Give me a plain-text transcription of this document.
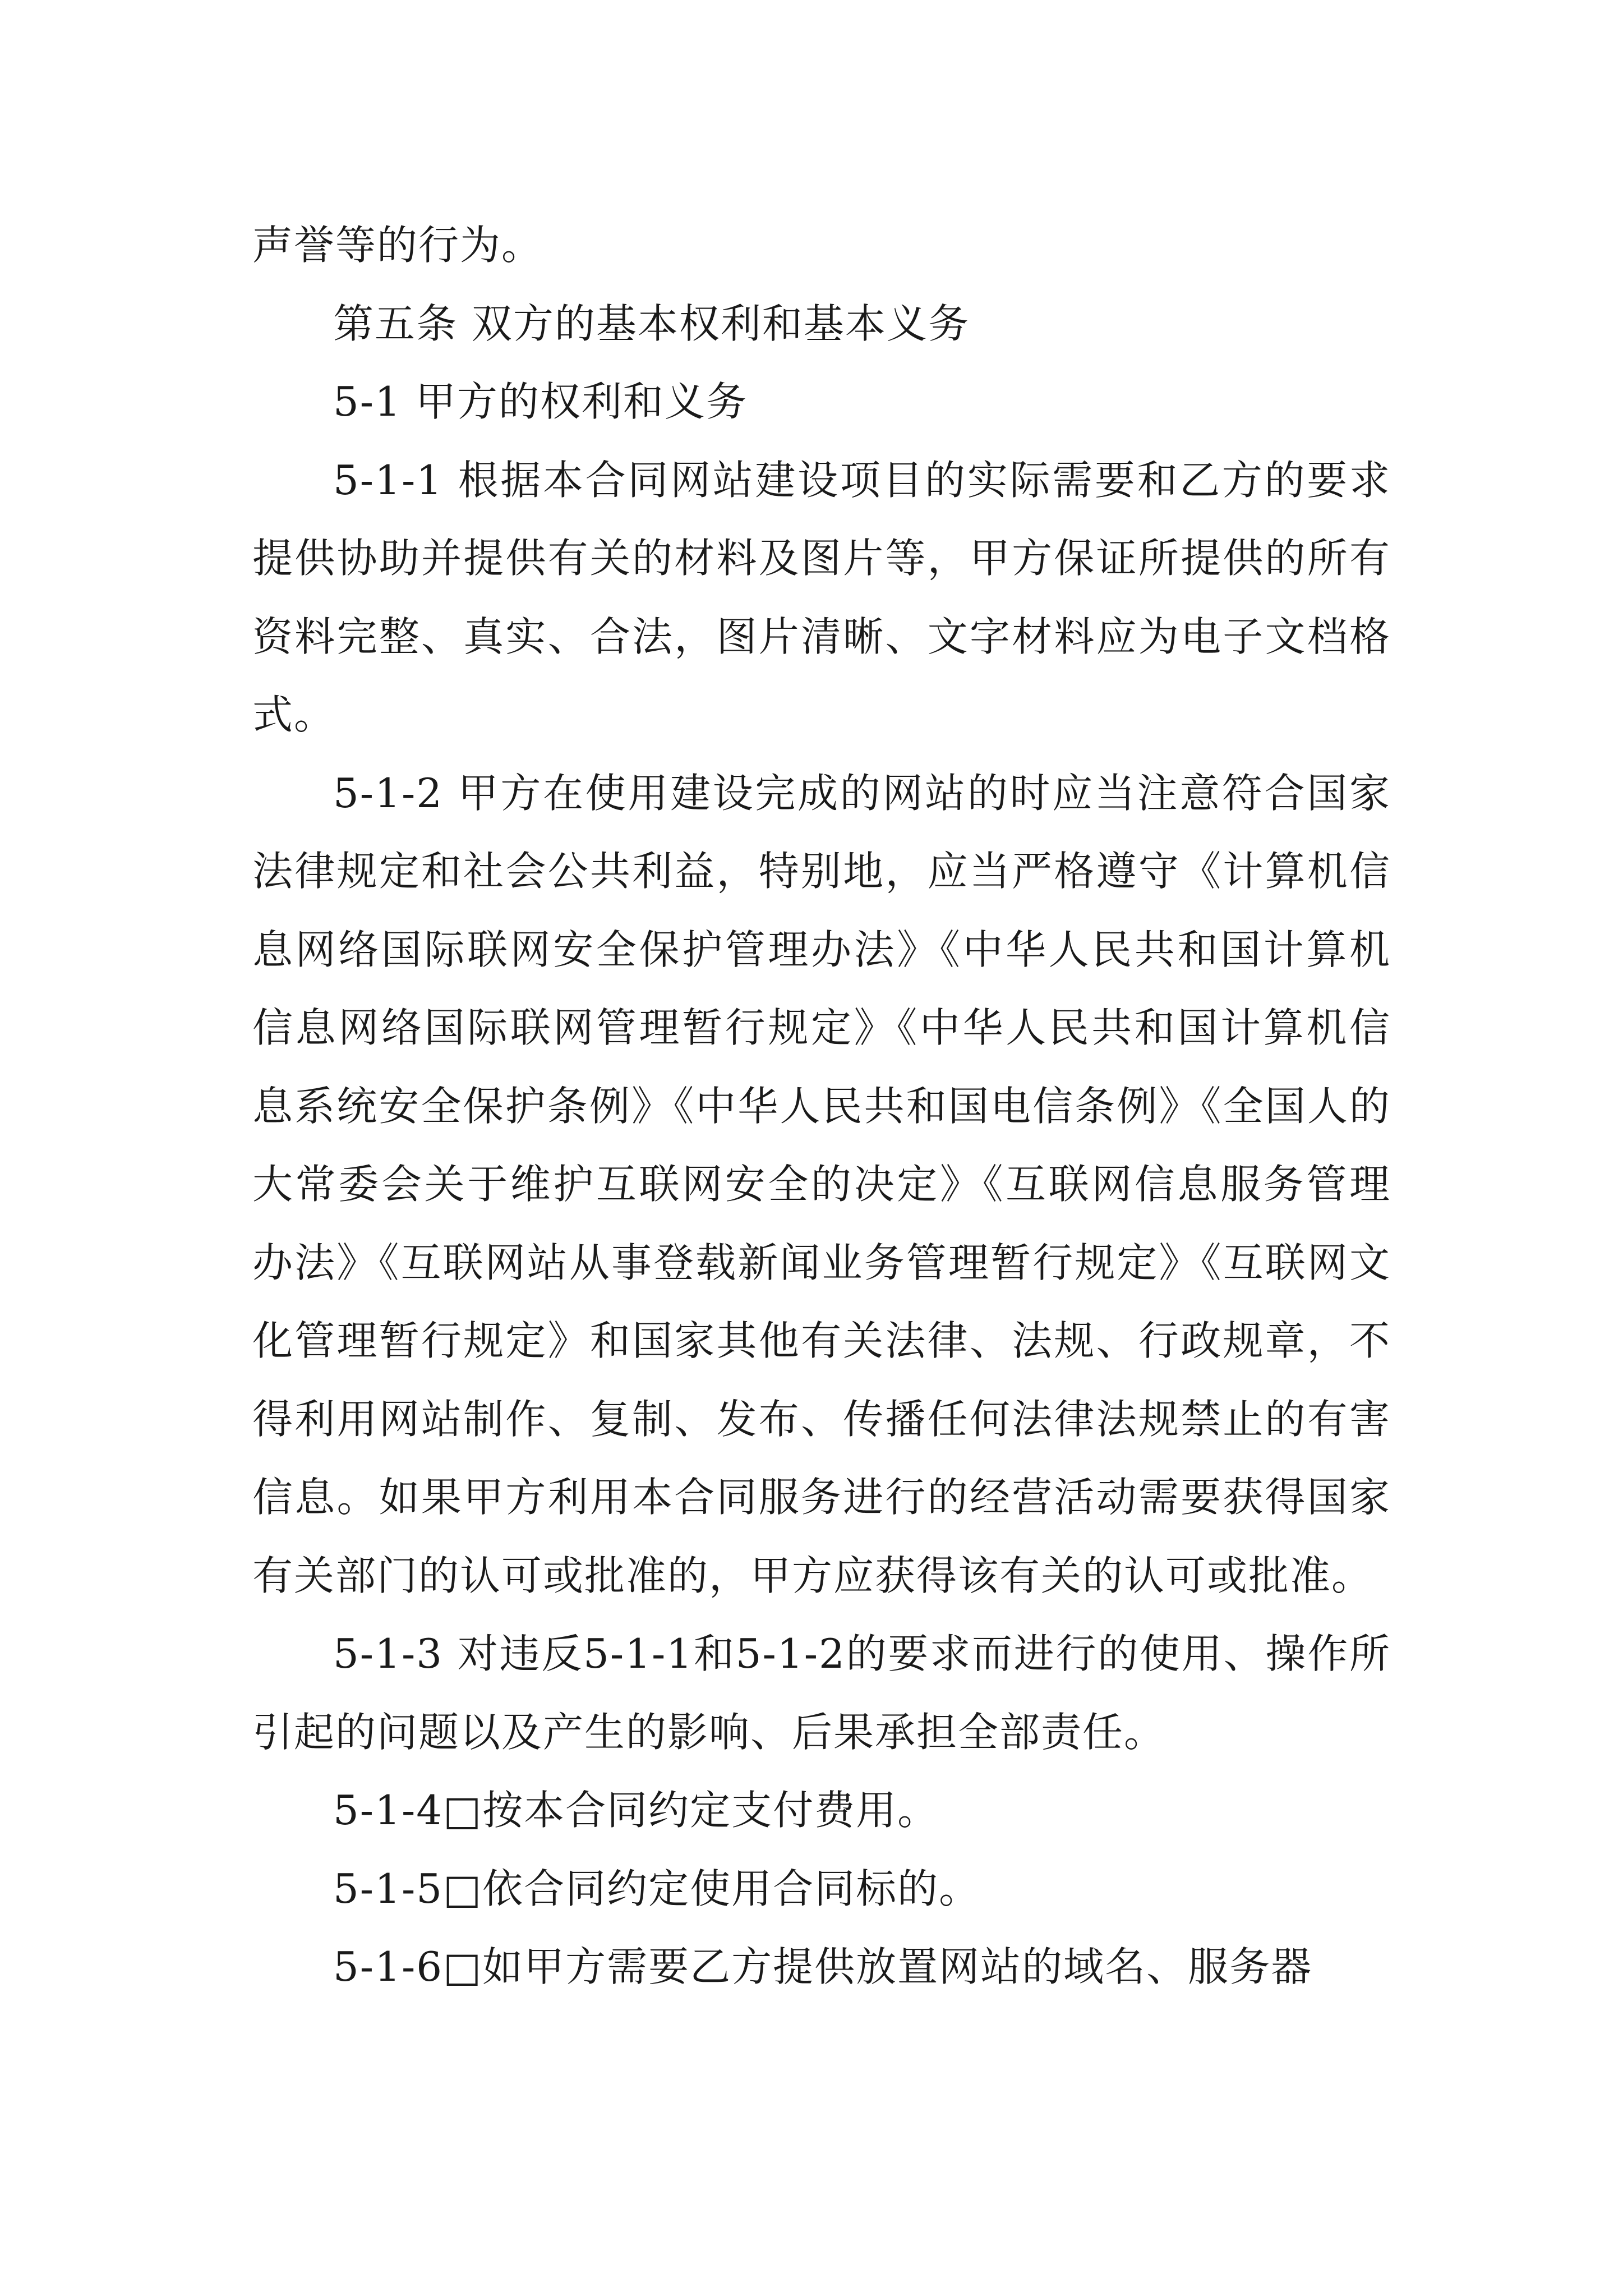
声誉等的行为。

第五条 双方的基本权利和基本义务

5-1 甲方的权利和义务

5-1-1 根据本合同网站建设项目的实际需要和乙方的要求提供协助并提供有关的材料及图片等，甲方保证所提供的所有资料完整、真实、合法，图片清晰、文字材料应为电子文档格式。

5-1-2 甲方在使用建设完成的网站的时应当注意符合国家法律规定和社会公共利益，特别地，应当严格遵守《计算机信息网络国际联网安全保护管理办法》《中华人民共和国计算机信息网络国际联网管理暂行规定》《中华人民共和国计算机信息系统安全保护条例》《中华人民共和国电信条例》《全国人的大常委会关于维护互联网安全的决定》《互联网信息服务管理办法》《互联网站从事登载新闻业务管理暂行规定》《互联网文化管理暂行规定》和国家其他有关法律、法规、行政规章，不得利用网站制作、复制、发布、传播任何法律法规禁止的有害信息。如果甲方利用本合同服务进行的经营活动需要获得国家有关部门的认可或批准的，甲方应获得该有关的认可或批准。

5-1-3 对违反5-1-1和5-1-2的要求而进行的使用、操作所引起的问题以及产生的影响、后果承担全部责任。

5-1-4□按本合同约定支付费用。

5-1-5□依合同约定使用合同标的。

5-1-6□如甲方需要乙方提供放置网站的域名、服务器
